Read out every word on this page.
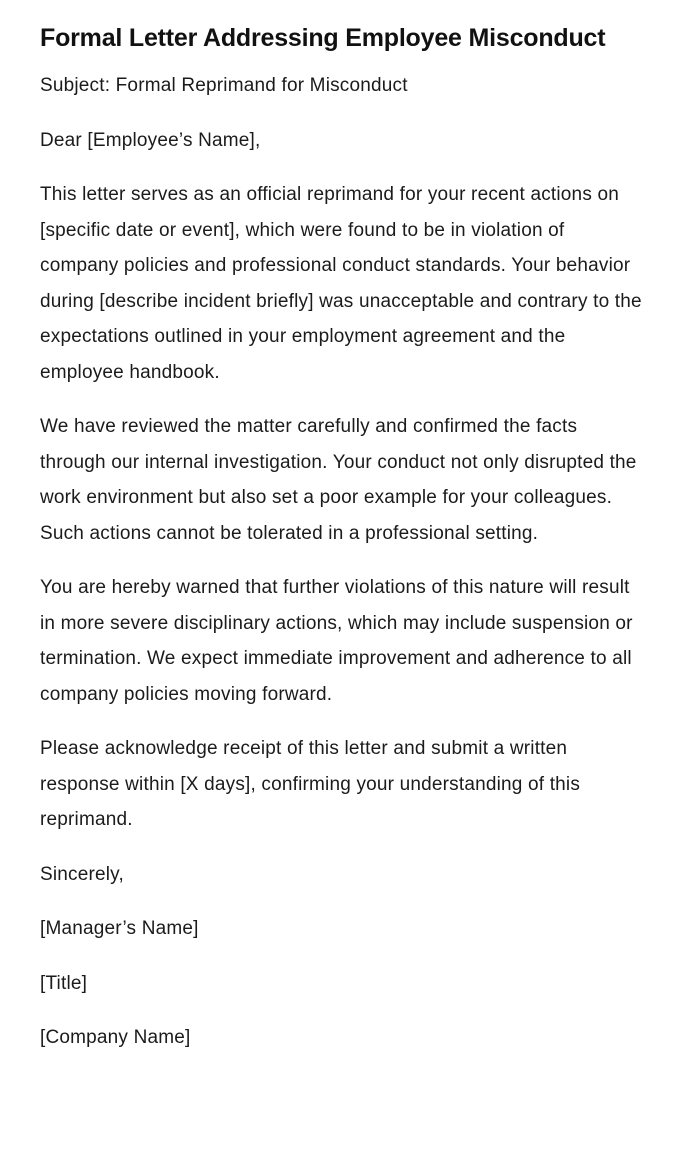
Formal Letter Addressing Employee Misconduct

Subject: Formal Reprimand for Misconduct

Dear [Employee’s Name],

This letter serves as an official reprimand for your recent actions on [specific date or event], which were found to be in violation of company policies and professional conduct standards. Your behavior during [describe incident briefly] was unacceptable and contrary to the expectations outlined in your employment agreement and the employee handbook.

We have reviewed the matter carefully and confirmed the facts through our internal investigation. Your conduct not only disrupted the work environment but also set a poor example for your colleagues. Such actions cannot be tolerated in a professional setting.

You are hereby warned that further violations of this nature will result in more severe disciplinary actions, which may include suspension or termination. We expect immediate improvement and adherence to all company policies moving forward.

Please acknowledge receipt of this letter and submit a written response within [X days], confirming your understanding of this reprimand.

Sincerely,

[Manager’s Name]

[Title]

[Company Name]
